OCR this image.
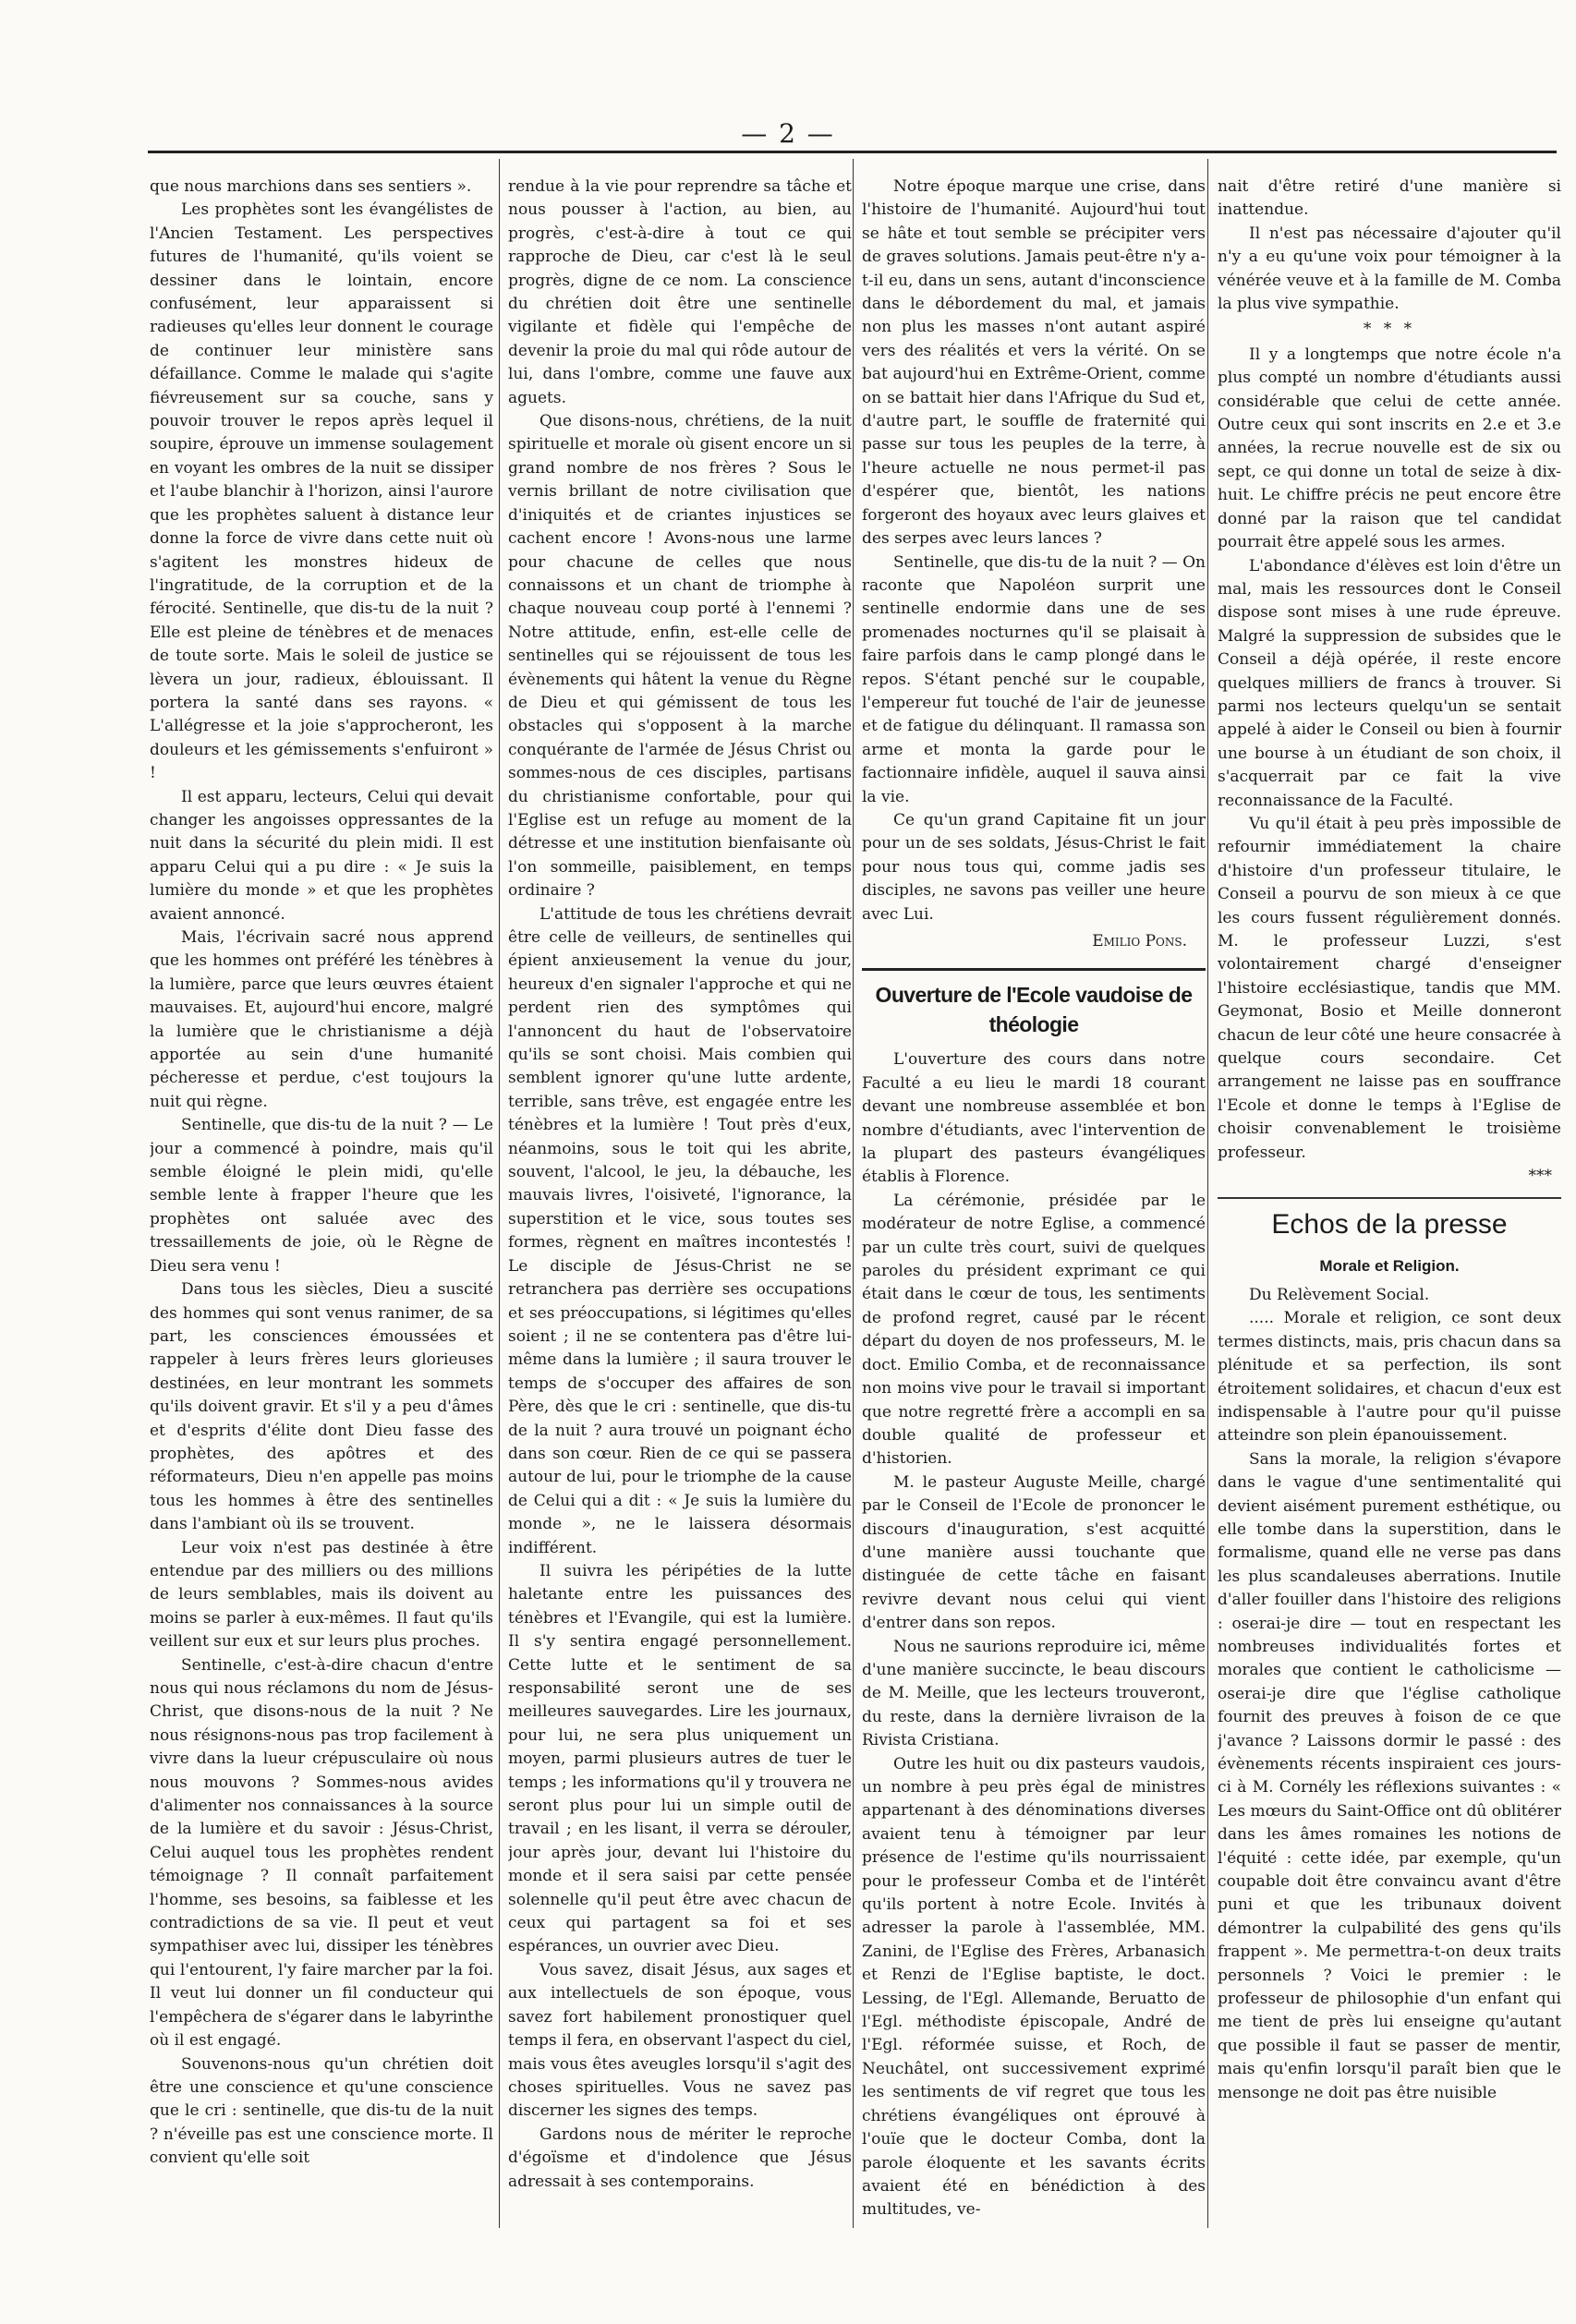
— 2 —

que nous marchions dans ses sentiers ».

Les prophètes sont les évangélistes de l'Ancien Testament. Les perspectives futures de l'humanité, qu'ils voient se dessiner dans le lointain, encore confusément, leur apparaissent si radieuses qu'elles leur donnent le courage de continuer leur ministère sans défaillance. Comme le malade qui s'agite fiévreusement sur sa couche, sans y pouvoir trouver le repos après lequel il soupire, éprouve un immense soulagement en voyant les ombres de la nuit se dissiper et l'aube blanchir à l'horizon, ainsi l'aurore que les prophètes saluent à distance leur donne la force de vivre dans cette nuit où s'agitent les monstres hideux de l'ingratitude, de la corruption et de la férocité. Sentinelle, que dis-tu de la nuit ? Elle est pleine de ténèbres et de menaces de toute sorte. Mais le soleil de justice se lèvera un jour, radieux, éblouissant. Il portera la santé dans ses rayons. « L'allégresse et la joie s'approcheront, les douleurs et les gémissements s'enfuiront » !

Il est apparu, lecteurs, Celui qui devait changer les angoisses oppressantes de la nuit dans la sécurité du plein midi. Il est apparu Celui qui a pu dire : « Je suis la lumière du monde » et que les prophètes avaient annoncé.

Mais, l'écrivain sacré nous apprend que les hommes ont préféré les ténèbres à la lumière, parce que leurs œuvres étaient mauvaises. Et, aujourd'hui encore, malgré la lumière que le christianisme a déjà apportée au sein d'une humanité pécheresse et perdue, c'est toujours la nuit qui règne.

Sentinelle, que dis-tu de la nuit ? — Le jour a commencé à poindre, mais qu'il semble éloigné le plein midi, qu'elle semble lente à frapper l'heure que les prophètes ont saluée avec des tressaillements de joie, où le Règne de Dieu sera venu !

Dans tous les siècles, Dieu a suscité des hommes qui sont venus ranimer, de sa part, les consciences émoussées et rappeler à leurs frères leurs glorieuses destinées, en leur montrant les sommets qu'ils doivent gravir. Et s'il y a peu d'âmes et d'esprits d'élite dont Dieu fasse des prophètes, des apôtres et des réformateurs, Dieu n'en appelle pas moins tous les hommes à être des sentinelles dans l'ambiant où ils se trouvent.

Leur voix n'est pas destinée à être entendue par des milliers ou des millions de leurs semblables, mais ils doivent au moins se parler à eux-mêmes. Il faut qu'ils veillent sur eux et sur leurs plus proches.

Sentinelle, c'est-à-dire chacun d'entre nous qui nous réclamons du nom de Jésus-Christ, que disons-nous de la nuit ? Ne nous résignons-nous pas trop facilement à vivre dans la lueur crépusculaire où nous nous mouvons ? Sommes-nous avides d'alimenter nos connaissances à la source de la lumière et du savoir : Jésus-Christ, Celui auquel tous les prophètes rendent témoignage ? Il connaît parfaitement l'homme, ses besoins, sa faiblesse et les contradictions de sa vie. Il peut et veut sympathiser avec lui, dissiper les ténèbres qui l'entourent, l'y faire marcher par la foi. Il veut lui donner un fil conducteur qui l'empêchera de s'égarer dans le labyrinthe où il est engagé.

Souvenons-nous qu'un chrétien doit être une conscience et qu'une conscience que le cri : sentinelle, que dis-tu de la nuit ? n'éveille pas est une conscience morte. Il convient qu'elle soit

rendue à la vie pour reprendre sa tâche et nous pousser à l'action, au bien, au progrès, c'est-à-dire à tout ce qui rapproche de Dieu, car c'est là le seul progrès, digne de ce nom. La conscience du chrétien doit être une sentinelle vigilante et fidèle qui l'empêche de devenir la proie du mal qui rôde autour de lui, dans l'ombre, comme une fauve aux aguets.

Que disons-nous, chrétiens, de la nuit spirituelle et morale où gisent encore un si grand nombre de nos frères ? Sous le vernis brillant de notre civilisation que d'iniquités et de criantes injustices se cachent encore ! Avons-nous une larme pour chacune de celles que nous connaissons et un chant de triomphe à chaque nouveau coup porté à l'ennemi ? Notre attitude, enfin, est-elle celle de sentinelles qui se réjouissent de tous les évènements qui hâtent la venue du Règne de Dieu et qui gémissent de tous les obstacles qui s'opposent à la marche conquérante de l'armée de Jésus Christ ou sommes-nous de ces disciples, partisans du christianisme confortable, pour qui l'Eglise est un refuge au moment de la détresse et une institution bienfaisante où l'on sommeille, paisiblement, en temps ordinaire ?

L'attitude de tous les chrétiens devrait être celle de veilleurs, de sentinelles qui épient anxieusement la venue du jour, heureux d'en signaler l'approche et qui ne perdent rien des symptômes qui l'annoncent du haut de l'observatoire qu'ils se sont choisi. Mais combien qui semblent ignorer qu'une lutte ardente, terrible, sans trêve, est engagée entre les ténèbres et la lumière ! Tout près d'eux, néanmoins, sous le toit qui les abrite, souvent, l'alcool, le jeu, la débauche, les mauvais livres, l'oisiveté, l'ignorance, la superstition et le vice, sous toutes ses formes, règnent en maîtres incontestés ! Le disciple de Jésus-Christ ne se retranchera pas derrière ses occupations et ses préoccupations, si légitimes qu'elles soient ; il ne se contentera pas d'être lui-même dans la lumière ; il saura trouver le temps de s'occuper des affaires de son Père, dès que le cri : sentinelle, que dis-tu de la nuit ? aura trouvé un poignant écho dans son cœur. Rien de ce qui se passera autour de lui, pour le triomphe de la cause de Celui qui a dit : « Je suis la lumière du monde », ne le laissera désormais indifférent.

Il suivra les péripéties de la lutte haletante entre les puissances des ténèbres et l'Evangile, qui est la lumière. Il s'y sentira engagé personnellement. Cette lutte et le sentiment de sa responsabilité seront une de ses meilleures sauvegardes. Lire les journaux, pour lui, ne sera plus uniquement un moyen, parmi plusieurs autres de tuer le temps ; les informations qu'il y trouvera ne seront plus pour lui un simple outil de travail ; en les lisant, il verra se dérouler, jour après jour, devant lui l'histoire du monde et il sera saisi par cette pensée solennelle qu'il peut être avec chacun de ceux qui partagent sa foi et ses espérances, un ouvrier avec Dieu.

Vous savez, disait Jésus, aux sages et aux intellectuels de son époque, vous savez fort habilement pronostiquer quel temps il fera, en observant l'aspect du ciel, mais vous êtes aveugles lorsqu'il s'agit des choses spirituelles. Vous ne savez pas discerner les signes des temps.

Gardons nous de mériter le reproche d'égoïsme et d'indolence que Jésus adressait à ses contemporains.

Notre époque marque une crise, dans l'histoire de l'humanité. Aujourd'hui tout se hâte et tout semble se précipiter vers de graves solutions. Jamais peut-être n'y a-t-il eu, dans un sens, autant d'inconscience dans le débordement du mal, et jamais non plus les masses n'ont autant aspiré vers des réalités et vers la vérité. On se bat aujourd'hui en Extrême-Orient, comme on se battait hier dans l'Afrique du Sud et, d'autre part, le souffle de fraternité qui passe sur tous les peuples de la terre, à l'heure actuelle ne nous permet-il pas d'espérer que, bientôt, les nations forgeront des hoyaux avec leurs glaives et des serpes avec leurs lances ?

Sentinelle, que dis-tu de la nuit ? — On raconte que Napoléon surprit une sentinelle endormie dans une de ses promenades nocturnes qu'il se plaisait à faire parfois dans le camp plongé dans le repos. S'étant penché sur le coupable, l'empereur fut touché de l'air de jeunesse et de fatigue du délinquant. Il ramassa son arme et monta la garde pour le factionnaire infidèle, auquel il sauva ainsi la vie.

Ce qu'un grand Capitaine fit un jour pour un de ses soldats, Jésus-Christ le fait pour nous tous qui, comme jadis ses disciples, ne savons pas veiller une heure avec Lui.

Emilio Pons.
Ouverture de l'Ecole vaudoise de théologie

L'ouverture des cours dans notre Faculté a eu lieu le mardi 18 courant devant une nombreuse assemblée et bon nombre d'étudiants, avec l'intervention de la plupart des pasteurs évangéliques établis à Florence.

La cérémonie, présidée par le modérateur de notre Eglise, a commencé par un culte très court, suivi de quelques paroles du président exprimant ce qui était dans le cœur de tous, les sentiments de profond regret, causé par le récent départ du doyen de nos professeurs, M. le doct. Emilio Comba, et de reconnaissance non moins vive pour le travail si important que notre regretté frère a accompli en sa double qualité de professeur et d'historien.

M. le pasteur Auguste Meille, chargé par le Conseil de l'Ecole de prononcer le discours d'inauguration, s'est acquitté d'une manière aussi touchante que distinguée de cette tâche en faisant revivre devant nous celui qui vient d'entrer dans son repos.

Nous ne saurions reproduire ici, même d'une manière succincte, le beau discours de M. Meille, que les lecteurs trouveront, du reste, dans la dernière livraison de la Rivista Cristiana.

Outre les huit ou dix pasteurs vaudois, un nombre à peu près égal de ministres appartenant à des dénominations diverses avaient tenu à témoigner par leur présence de l'estime qu'ils nourrissaient pour le professeur Comba et de l'intérêt qu'ils portent à notre Ecole. Invités à adresser la parole à l'assemblée, MM. Zanini, de l'Eglise des Frères, Arbanasich et Renzi de l'Eglise baptiste, le doct. Lessing, de l'Egl. Allemande, Beruatto de l'Egl. méthodiste épiscopale, André de l'Egl. réformée suisse, et Roch, de Neuchâtel, ont successivement exprimé les sentiments de vif regret que tous les chrétiens évangéliques ont éprouvé à l'ouïe que le docteur Comba, dont la parole éloquente et les savants écrits avaient été en bénédiction à des multitudes, ve-

nait d'être retiré d'une manière si inattendue.

Il n'est pas nécessaire d'ajouter qu'il n'y a eu qu'une voix pour témoigner à la vénérée veuve et à la famille de M. Comba la plus vive sympathie.

* * *

Il y a longtemps que notre école n'a plus compté un nombre d'étudiants aussi considérable que celui de cette année. Outre ceux qui sont inscrits en 2.e et 3.e années, la recrue nouvelle est de six ou sept, ce qui donne un total de seize à dix-huit. Le chiffre précis ne peut encore être donné par la raison que tel candidat pourrait être appelé sous les armes.

L'abondance d'élèves est loin d'être un mal, mais les ressources dont le Conseil dispose sont mises à une rude épreuve. Malgré la suppression de subsides que le Conseil a déjà opérée, il reste encore quelques milliers de francs à trouver. Si parmi nos lecteurs quelqu'un se sentait appelé à aider le Conseil ou bien à fournir une bourse à un étudiant de son choix, il s'acquerrait par ce fait la vive reconnaissance de la Faculté.

Vu qu'il était à peu près impossible de refournir immédiatement la chaire d'histoire d'un professeur titulaire, le Conseil a pourvu de son mieux à ce que les cours fussent régulièrement donnés. M. le professeur Luzzi, s'est volontairement chargé d'enseigner l'histoire ecclésiastique, tandis que MM. Geymonat, Bosio et Meille donneront chacun de leur côté une heure consacrée à quelque cours secondaire. Cet arrangement ne laisse pas en souffrance l'Ecole et donne le temps à l'Eglise de choisir convenablement le troisième professeur.

***
Echos de la presse
Morale et Religion.

Du Relèvement Social.

..... Morale et religion, ce sont deux termes distincts, mais, pris chacun dans sa plénitude et sa perfection, ils sont étroitement solidaires, et chacun d'eux est indispensable à l'autre pour qu'il puisse atteindre son plein épanouissement.

Sans la morale, la religion s'évapore dans le vague d'une sentimentalité qui devient aisément purement esthétique, ou elle tombe dans la superstition, dans le formalisme, quand elle ne verse pas dans les plus scandaleuses aberrations. Inutile d'aller fouiller dans l'histoire des religions : oserai-je dire — tout en respectant les nombreuses individualités fortes et morales que contient le catholicisme — oserai-je dire que l'église catholique fournit des preuves à foison de ce que j'avance ? Laissons dormir le passé : des évènements récents inspiraient ces jours-ci à M. Cornély les réflexions suivantes : « Les mœurs du Saint-Office ont dû oblitérer dans les âmes romaines les notions de l'équité : cette idée, par exemple, qu'un coupable doit être convaincu avant d'être puni et que les tribunaux doivent démontrer la culpabilité des gens qu'ils frappent ». Me permettra-t-on deux traits personnels ? Voici le premier : le professeur de philosophie d'un enfant qui me tient de près lui enseigne qu'autant que possible il faut se passer de mentir, mais qu'enfin lorsqu'il paraît bien que le mensonge ne doit pas être nuisible
